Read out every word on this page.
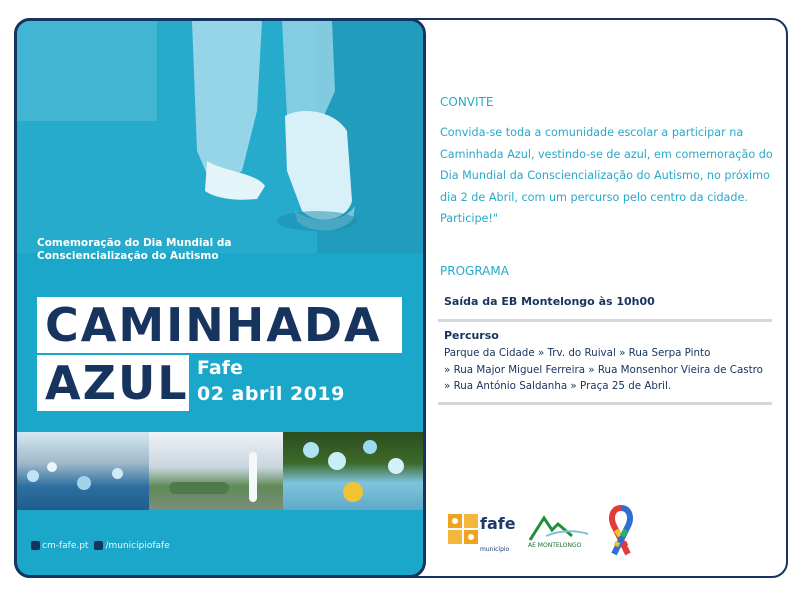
Comemoração do Dia Mundial da Consciencialização do Autismo
CAMINHADA
AZUL Fafe
02 abril 2019
cm-fafe.pt	/municipiofafe
CONVITE
Convida-se toda a comunidade escolar a participar na Caminhada Azul, vestindo-se de azul, em comemoração do Dia Mundial da Consciencialização do Autismo, no próximo dia 2 de Abril, com um percurso pelo centro da cidade. Participe!"
PROGRAMA
Saída da EB Montelongo às 10h00
Percurso
Parque da Cidade » Trv. do Ruival » Rua Serpa Pinto
» Rua Major Miguel Ferreira » Rua Monsenhor Vieira de Castro
» Rua António Saldanha » Praça 25 de Abril.
fafe
município
AE MONTELONGO
